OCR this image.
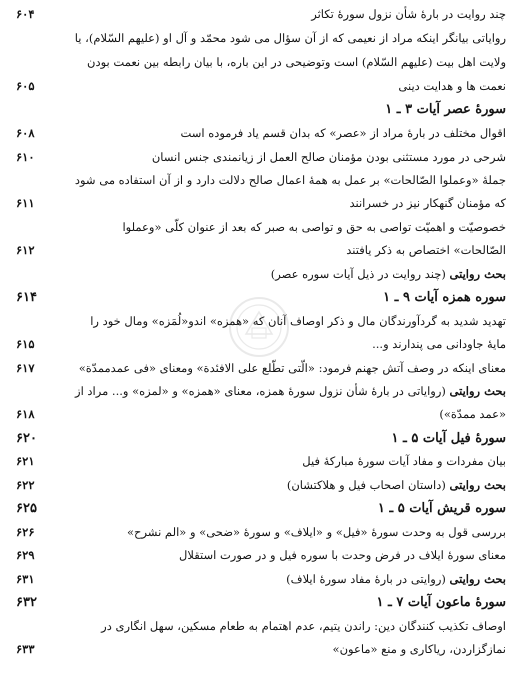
چند روایت در بارهٔ شأن نزول سورهٔ تکاثر
۶۰۴
روایاتی بیانگر اینکه مراد از نعیمی که از آن سؤال می شود محمّد و آل او (علیهم السّلام)، یا
ولایت اهل بیت (علیهم السّلام) است وتوضیحی در این باره، با بیان رابطه بین نعمت بودن
نعمت ها و هدایت دینی
۶۰۵
سورهٔ عصر آیات ۳ ـ ۱
اقوال مختلف در بارهٔ مراد از «عصر» که بدان قسم یاد فرموده است
۶۰۸
شرحی در مورد مستثنی بودن مؤمنان صالح العمل از زیانمندی جنس انسان
۶۱۰
جملهٔ «وعملوا الصّالحات» بر عمل به همهٔ اعمال صالح دلالت دارد و از آن استفاده می شود
که مؤمنان گنهکار نیز در خسرانند
۶۱۱
خصوصیّت و اهمیّت تواصی به حق و تواصی به صبر که بعد از عنوان کلّی «وعملوا
الصّالحات» اختصاص به ذکر یافتند
۶۱۲
بحث روایتی (چند روایت در ذیل آیات سوره عصر)
سوره همزه آیات ۹ ـ ۱
۶۱۴
تهدید شدید به گردآورندگان مال و ذکر اوصاف آنان که «همزه» اندو«لُمَزه» ومال خود را
مایهٔ جاودانی می پندارند و...
۶۱۵
معنای اینکه در وصف آتش جهنم فرمود: «الّتی تطّلع علی الافئدة» ومعنای «فی عمدممدّة»
۶۱۷
بحث روایتی (روایاتی در بارهٔ شأن نزول سورهٔ همزه، معنای «همزه» و «لمزه» و... مراد از
«عمد ممدّة»)
۶۱۸
سورهٔ فیل آیات ۵ ـ ۱
۶۲۰
بیان مفردات و مفاد آیات سورهٔ مبارکهٔ فیل
۶۲۱
بحث روایتی (داستان اصحاب فیل و هلاکتشان)
۶۲۲
سوره قریش آیات ۵ ـ ۱
۶۲۵
بررسی قول به وحدت سورهٔ «فیل» و «ایلاف» و سورهٔ «ضحی» و «الم نشرح»
۶۲۶
معنای سورهٔ ایلاف در فرض وحدت با سوره فیل و در صورت استقلال
۶۲۹
بحث روایتی (روایتی در بارهٔ مفاد سورهٔ ایلاف)
۶۳۱
سورهٔ ماعون آیات ۷ ـ ۱
۶۳۲
اوصاف تکذیب کنندگان دین: راندن یتیم، عدم اهتمام به طعام مسکین، سهل انگاری در
نمازگزاردن، ریاکاری و منع «ماعون»
۶۳۳
